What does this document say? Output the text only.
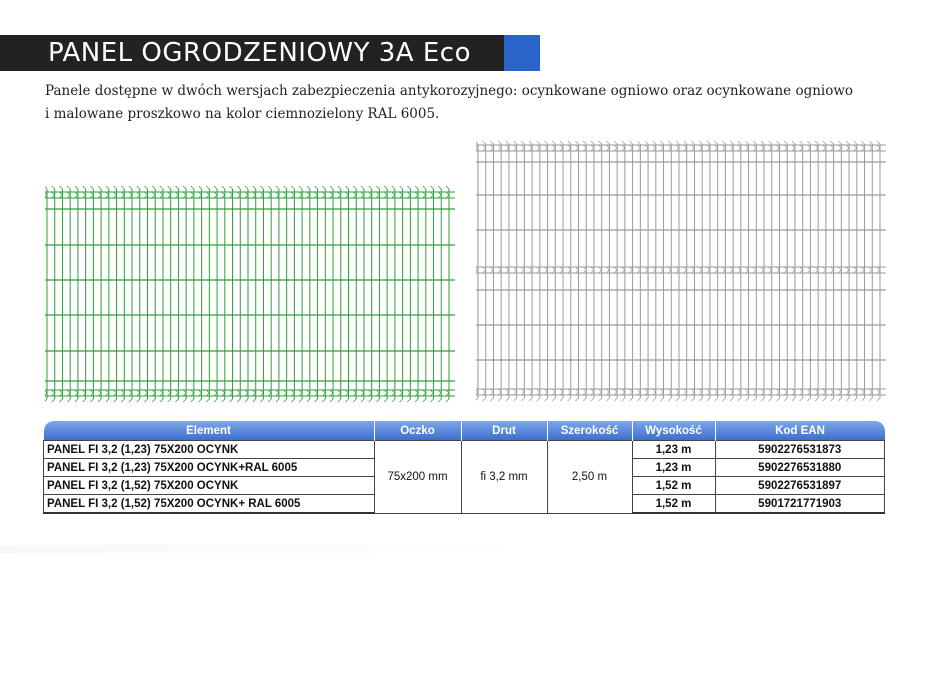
PANEL OGRODZENIOWY 3A Eco
Panele dostępne w dwóch wersjach zabezpieczenia antykorozyjnego: ocynkowane ogniowo oraz ocynkowane ogniowo
i malowane proszkowo na kolor ciemnozielony RAL 6005.
Element	Oczko	Drut	Szerokość	Wysokość	Kod EAN
PANEL FI 3,2 (1,23) 75X200 OCYNK	75x200 mm	fi 3,2 mm	2,50 m	1,23 m	5902276531873
PANEL FI 3,2 (1,23) 75X200 OCYNK+RAL 6005				1,23 m	5902276531880
PANEL FI 3,2 (1,52) 75X200 OCYNK				1,52 m	5902276531897
PANEL FI 3,2 (1,52) 75X200 OCYNK+ RAL 6005				1,52 m	5901721771903
